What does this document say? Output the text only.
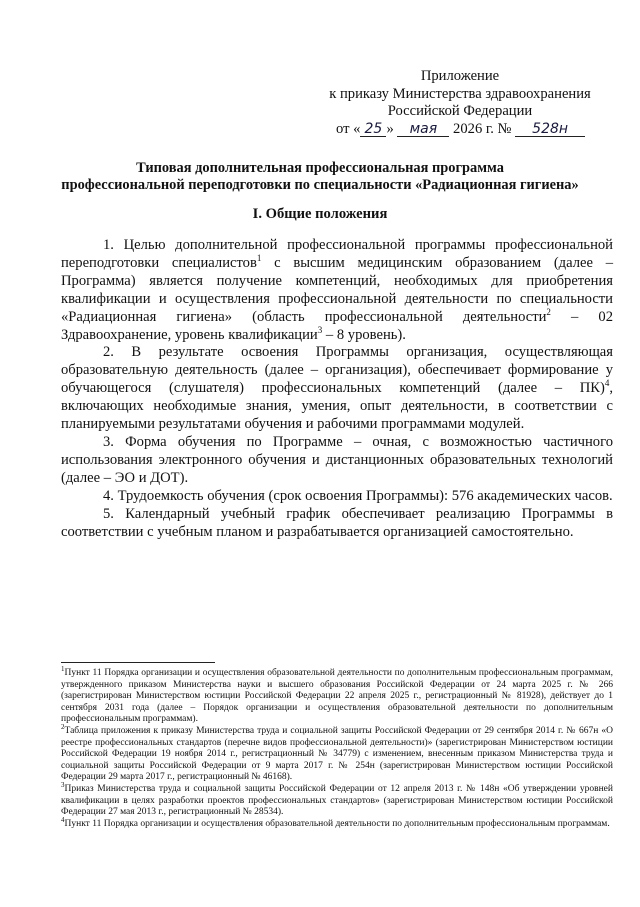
Приложение
к приказу Министерства здравоохранения
Российской Федерации
от « 25 » мая 2026 г. № 528н
Типовая дополнительная профессиональная программа
профессиональной переподготовки по специальности «Радиационная гигиена»
I. Общие положения

1. Целью дополнительной профессиональной программы профессиональной переподготовки специалистов$^1$ с высшим медицинским образованием (далее – Программа) является получение компетенций, необходимых для приобретения квалификации и осуществления профессиональной деятельности по специальности «Радиационная гигиена» (область профессиональной деятельности$^2$ – 02 Здравоохранение, уровень квалификации$^3$ – 8 уровень).

2. В результате освоения Программы организация, осуществляющая образовательную деятельность (далее – организация), обеспечивает формирование у обучающегося (слушателя) профессиональных компетенций (далее – ПК)$^4$, включающих необходимые знания, умения, опыт деятельности, в соответствии с планируемыми результатами обучения и рабочими программами модулей.

3. Форма обучения по Программе – очная, с возможностью частичного использования электронного обучения и дистанционных образовательных технологий (далее – ЭО и ДОТ).

4. Трудоемкость обучения (срок освоения Программы): 576 академических часов.

5. Календарный учебный график обеспечивает реализацию Программы в соответствии с учебным планом и разрабатывается организацией самостоятельно.

$^1$Пункт 11 Порядка организации и осуществления образовательной деятельности по дополнительным профессиональным программам, утвержденного приказом Министерства науки и высшего образования Российской Федерации от 24 марта 2025 г. № 266 (зарегистрирован Министерством юстиции Российской Федерации 22 апреля 2025 г., регистрационный № 81928), действует до 1 сентября 2031 года (далее – Порядок организации и осуществления образовательной деятельности по дополнительным профессиональным программам).

$^2$Таблица приложения к приказу Министерства труда и социальной защиты Российской Федерации от 29 сентября 2014 г. № 667н «О реестре профессиональных стандартов (перечне видов профессиональной деятельности)» (зарегистрирован Министерством юстиции Российской Федерации 19 ноября 2014 г., регистрационный № 34779) с изменением, внесенным приказом Министерства труда и социальной защиты Российской Федерации от 9 марта 2017 г. № 254н (зарегистрирован Министерством юстиции Российской Федерации 29 марта 2017 г., регистрационный № 46168).

$^3$Приказ Министерства труда и социальной защиты Российской Федерации от 12 апреля 2013 г. № 148н «Об утверждении уровней квалификации в целях разработки проектов профессиональных стандартов» (зарегистрирован Министерством юстиции Российской Федерации 27 мая 2013 г., регистрационный № 28534).

$^4$Пункт 11 Порядка организации и осуществления образовательной деятельности по дополнительным профессиональным программам.
